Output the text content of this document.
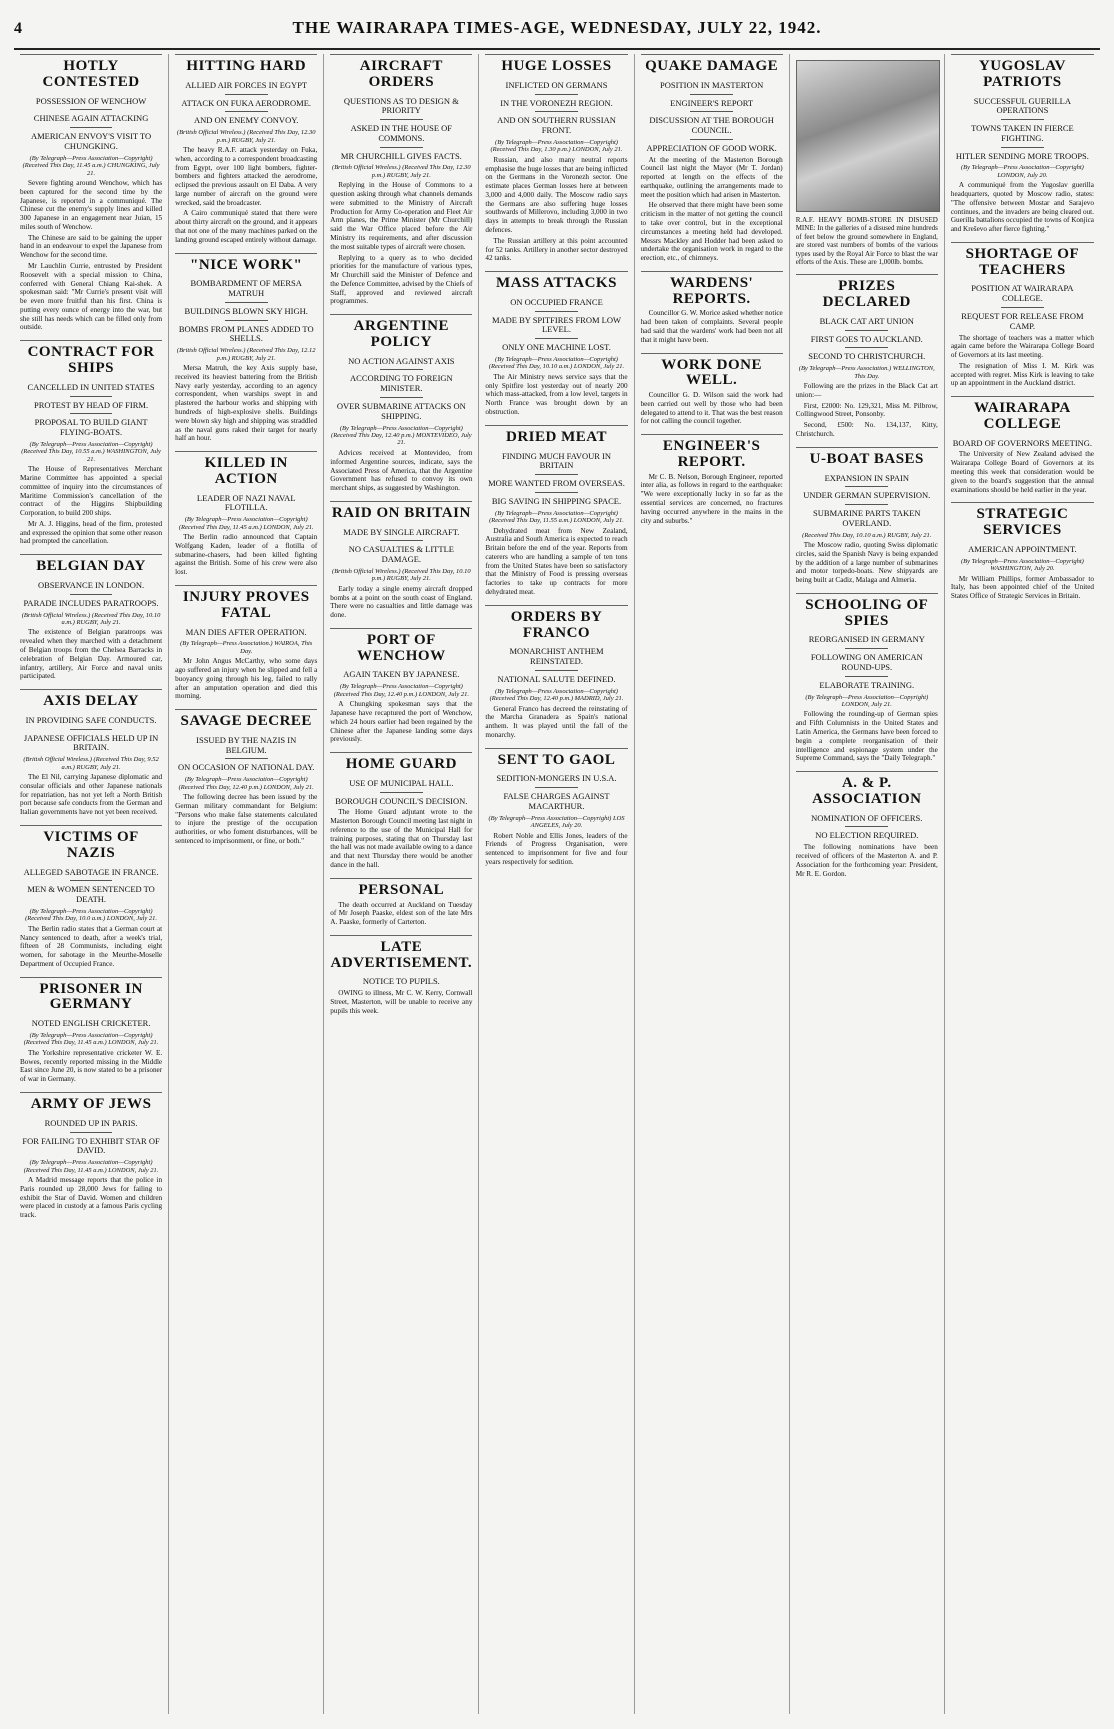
4	THE WAIRARAPA TIMES-AGE, WEDNESDAY, JULY 22, 1942.
HOTLY CONTESTED
POSSESSION OF WENCHOW
CHINESE AGAIN ATTACKING
AMERICAN ENVOY'S VISIT TO CHUNGKING.
(By Telegraph—Press Association—Copyright) (Received This Day, 11.45 a.m.) CHUNGKING, July 21.

Severe fighting around Wenchow, which has been captured for the second time by the Japanese, is reported in a communiqué. The Chinese cut the enemy's supply lines and killed 300 Japanese in an engagement near Juian, 15 miles south of Wenchow.

The Chinese are said to be gaining the upper hand in an endeavour to expel the Japanese from Wenchow for the second time.

Mr Lauchlin Currie, entrusted by President Roosevelt with a special mission to China, conferred with General Chiang Kai-shek. A spokesman said: "Mr Currie's present visit will be even more fruitful than his first. China is putting every ounce of energy into the war, but she still has needs which can be filled only from outside.

CONTRACT FOR SHIPS
CANCELLED IN UNITED STATES
PROTEST BY HEAD OF FIRM.
PROPOSAL TO BUILD GIANT FLYING-BOATS.
(By Telegraph—Press Association—Copyright) (Received This Day, 10.55 a.m.) WASHINGTON, July 21.

The House of Representatives Merchant Marine Committee has appointed a special committee of inquiry into the circumstances of Maritime Commission's cancellation of the contract of the Higgins Shipbuilding Corporation, to build 200 ships.

Mr A. J. Higgins, head of the firm, protested and expressed the opinion that some other reason had prompted the cancellation.

BELGIAN DAY
OBSERVANCE IN LONDON.
PARADE INCLUDES PARATROOPS.
(British Official Wireless.) (Received This Day, 10.10 a.m.) RUGBY, July 21.

The existence of Belgian paratroops was revealed when they marched with a detachment of Belgian troops from the Chelsea Barracks in celebration of Belgian Day. Armoured car, infantry, artillery, Air Force and naval units participated.

AXIS DELAY
IN PROVIDING SAFE CONDUCTS.
JAPANESE OFFICIALS HELD UP IN BRITAIN.
(British Official Wireless.) (Received This Day, 9.52 a.m.) RUGBY, July 21.

The El Nil, carrying Japanese diplomatic and consular officials and other Japanese nationals for repatriation, has not yet left a North British port because safe conducts from the German and Italian governments have not yet been received.

VICTIMS OF NAZIS
ALLEGED SABOTAGE IN FRANCE.
MEN & WOMEN SENTENCED TO DEATH.
(By Telegraph—Press Association—Copyright) (Received This Day, 10.0 a.m.) LONDON, July 21.

The Berlin radio states that a German court at Nancy sentenced to death, after a week's trial, fifteen of 28 Communists, including eight women, for sabotage in the Meurthe-Moselle Department of Occupied France.

PRISONER IN GERMANY
NOTED ENGLISH CRICKETER.
(By Telegraph—Press Association—Copyright) (Received This Day, 11.45 a.m.) LONDON, July 21.

The Yorkshire representative cricketer W. E. Bowes, recently reported missing in the Middle East since June 20, is now stated to be a prisoner of war in Germany.

ARMY OF JEWS
ROUNDED UP IN PARIS.
FOR FAILING TO EXHIBIT STAR OF DAVID.
(By Telegraph—Press Association—Copyright) (Received This Day, 11.45 a.m.) LONDON, July 21.

A Madrid message reports that the police in Paris rounded up 28,000 Jews for failing to exhibit the Star of David. Women and children were placed in custody at a famous Paris cycling track.

HITTING HARD
ALLIED AIR FORCES IN EGYPT
ATTACK ON FUKA AERODROME.
AND ON ENEMY CONVOY.
(British Official Wireless.) (Received This Day, 12.30 p.m.) RUGBY, July 21.

The heavy R.A.F. attack yesterday on Fuka, when, according to a correspondent broadcasting from Egypt, over 100 light bombers, fighter-bombers and fighters attacked the aerodrome, eclipsed the previous assault on El Daba. A very large number of aircraft on the ground were wrecked, said the broadcaster.

A Cairo communiqué stated that there were about thirty aircraft on the ground, and it appears that not one of the many machines parked on the landing ground escaped entirely without damage.

"NICE WORK"
BOMBARDMENT OF MERSA MATRUH
BUILDINGS BLOWN SKY HIGH.
BOMBS FROM PLANES ADDED TO SHELLS.
(British Official Wireless.) (Received This Day, 12.12 p.m.) RUGBY, July 21.

Mersa Matruh, the key Axis supply base, received its heaviest battering from the British Navy early yesterday, according to an agency correspondent, when warships swept in and plastered the harbour works and shipping with hundreds of high-explosive shells. Buildings were blown sky high and shipping was straddled as the naval guns raked their target for nearly half an hour.

KILLED IN ACTION
LEADER OF NAZI NAVAL FLOTILLA.
(By Telegraph—Press Association—Copyright) (Received This Day, 11.45 a.m.) LONDON, July 21.

The Berlin radio announced that Captain Wolfgang Kaden, leader of a flotilla of submarine-chasers, had been killed fighting against the British. Some of his crew were also lost.

INJURY PROVES FATAL
MAN DIES AFTER OPERATION.
(By Telegraph—Press Association.) WAIROA, This Day.

Mr John Angus McCarthy, who some days ago suffered an injury when he slipped and fell a buoyancy going through his leg, failed to rally after an amputation operation and died this morning.

SAVAGE DECREE
ISSUED BY THE NAZIS IN BELGIUM.
ON OCCASION OF NATIONAL DAY.
(By Telegraph—Press Association—Copyright) (Received This Day, 12.40 p.m.) LONDON, July 21.

The following decree has been issued by the German military commandant for Belgium: "Persons who make false statements calculated to injure the prestige of the occupation authorities, or who foment disturbances, will be sentenced to imprisonment, or fine, or both."

AIRCRAFT ORDERS
QUESTIONS AS TO DESIGN & PRIORITY
ASKED IN THE HOUSE OF COMMONS.
MR CHURCHILL GIVES FACTS.
(British Official Wireless.) (Received This Day, 12.30 p.m.) RUGBY, July 21.

Replying in the House of Commons to a question asking through what channels demands were submitted to the Ministry of Aircraft Production for Army Co-operation and Fleet Air Arm planes, the Prime Minister (Mr Churchill) said the War Office placed before the Air Ministry its requirements, and after discussion the most suitable types of aircraft were chosen.

Replying to a query as to who decided priorities for the manufacture of various types, Mr Churchill said the Minister of Defence and the Defence Committee, advised by the Chiefs of Staff, approved and reviewed aircraft programmes.

ARGENTINE POLICY
NO ACTION AGAINST AXIS
ACCORDING TO FOREIGN MINISTER.
OVER SUBMARINE ATTACKS ON SHIPPING.
(By Telegraph—Press Association—Copyright) (Received This Day, 12.40 p.m.) MONTEVIDEO, July 21.

Advices received at Montevideo, from informed Argentine sources, indicate, says the Associated Press of America, that the Argentine Government has refused to convoy its own merchant ships, as suggested by Washington.

RAID ON BRITAIN
MADE BY SINGLE AIRCRAFT.
NO CASUALTIES & LITTLE DAMAGE.
(British Official Wireless.) (Received This Day, 10.10 p.m.) RUGBY, July 21.

Early today a single enemy aircraft dropped bombs at a point on the south coast of England. There were no casualties and little damage was done.

PORT OF WENCHOW
AGAIN TAKEN BY JAPANESE.
(By Telegraph—Press Association—Copyright) (Received This Day, 12.40 p.m.) LONDON, July 21.

A Chungking spokesman says that the Japanese have recaptured the port of Wenchow, which 24 hours earlier had been regained by the Chinese after the Japanese landing some days previously.

HOME GUARD
USE OF MUNICIPAL HALL.
BOROUGH COUNCIL'S DECISION.

The Home Guard adjutant wrote to the Masterton Borough Council meeting last night in reference to the use of the Municipal Hall for training purposes, stating that on Thursday last the hall was not made available owing to a dance and that next Thursday there would be another dance in the hall.

PERSONAL

The death occurred at Auckland on Tuesday of Mr Joseph Paaske, eldest son of the late Mrs A. Paaske, formerly of Carterton.

LATE ADVERTISEMENT.
NOTICE TO PUPILS.

OWING to illness, Mr C. W. Kerry, Cornwall Street, Masterton, will be unable to receive any pupils this week.

HUGE LOSSES
INFLICTED ON GERMANS
IN THE VORONEZH REGION.
AND ON SOUTHERN RUSSIAN FRONT.
(By Telegraph—Press Association—Copyright) (Received This Day, 1.30 p.m.) LONDON, July 21.

Russian, and also many neutral reports emphasise the huge losses that are being inflicted on the Germans in the Voronezh sector. One estimate places German losses here at between 3,000 and 4,000 daily. The Moscow radio says the Germans are also suffering huge losses southwards of Millerovo, including 3,000 in two days in attempts to break through the Russian defences.

The Russian artillery at this point accounted for 52 tanks. Artillery in another sector destroyed 42 tanks.

MASS ATTACKS
ON OCCUPIED FRANCE
MADE BY SPITFIRES FROM LOW LEVEL.
ONLY ONE MACHINE LOST.
(By Telegraph—Press Association—Copyright) (Received This Day, 10.10 a.m.) LONDON, July 21.

The Air Ministry news service says that the only Spitfire lost yesterday out of nearly 200 which mass-attacked, from a low level, targets in North France was brought down by an obstruction.

DRIED MEAT
FINDING MUCH FAVOUR IN BRITAIN
MORE WANTED FROM OVERSEAS.
BIG SAVING IN SHIPPING SPACE.
(By Telegraph—Press Association—Copyright) (Received This Day, 11.55 a.m.) LONDON, July 21.

Dehydrated meat from New Zealand, Australia and South America is expected to reach Britain before the end of the year. Reports from caterers who are handling a sample of ten tons from the United States have been so satisfactory that the Ministry of Food is pressing overseas factories to take up contracts for more dehydrated meat.

ORDERS BY FRANCO
MONARCHIST ANTHEM REINSTATED.
NATIONAL SALUTE DEFINED.
(By Telegraph—Press Association—Copyright) (Received This Day, 12.40 p.m.) MADRID, July 21.

General Franco has decreed the reinstating of the Marcha Granadera as Spain's national anthem. It was played until the fall of the monarchy.

SENT TO GAOL
SEDITION-MONGERS IN U.S.A.
FALSE CHARGES AGAINST MACARTHUR.
(By Telegraph—Press Association—Copyright) LOS ANGELES, July 20.

Robert Noble and Ellis Jones, leaders of the Friends of Progress Organisation, were sentenced to imprisonment for five and four years respectively for sedition.

QUAKE DAMAGE
POSITION IN MASTERTON
ENGINEER'S REPORT
DISCUSSION AT THE BOROUGH COUNCIL.
APPRECIATION OF GOOD WORK.

At the meeting of the Masterton Borough Council last night the Mayor (Mr T. Jordan) reported at length on the effects of the earthquake, outlining the arrangements made to meet the position which had arisen in Masterton.

He observed that there might have been some criticism in the matter of not getting the council to take over control, but in the exceptional circumstances a meeting held had developed. Messrs Mackley and Hodder had been asked to undertake the organisation work in regard to the erection, etc., of chimneys.

WARDENS' REPORTS.

Councillor G. W. Morice asked whether notice had been taken of complaints. Several people had said that the wardens' work had been not all that it might have been.

WORK DONE WELL.

Councillor G. D. Wilson said the work had been carried out well by those who had been delegated to attend to it. That was the best reason for not calling the council together.

ENGINEER'S REPORT.

Mr C. B. Nelson, Borough Engineer, reported inter alia, as follows in regard to the earthquake: "We were exceptionally lucky in so far as the essential services are concerned, no fractures having occurred anywhere in the mains in the city and suburbs."

R.A.F. HEAVY BOMB-STORE IN DISUSED MINE: In the galleries of a disused mine hundreds of feet below the ground somewhere in England, are stored vast numbers of bombs of the various types used by the Royal Air Force to blast the war efforts of the Axis. These are 1,000lb. bombs.
PRIZES DECLARED
BLACK CAT ART UNION
FIRST GOES TO AUCKLAND.
SECOND TO CHRISTCHURCH.
(By Telegraph—Press Association.) WELLINGTON, This Day.

Following are the prizes in the Black Cat art union:—

First, £2000: No. 129,321, Miss M. Pilbrow, Collingwood Street, Ponsonby.

Second, £500: No. 134,137, Kitty, Christchurch.

U-BOAT BASES
EXPANSION IN SPAIN
UNDER GERMAN SUPERVISION.
SUBMARINE PARTS TAKEN OVERLAND.
(Received This Day, 10.10 a.m.) RUGBY, July 21.

The Moscow radio, quoting Swiss diplomatic circles, said the Spanish Navy is being expanded by the addition of a large number of submarines and motor torpedo-boats. New shipyards are being built at Cadiz, Malaga and Almeria.

SCHOOLING OF SPIES
REORGANISED IN GERMANY
FOLLOWING ON AMERICAN ROUND-UPS.
ELABORATE TRAINING.
(By Telegraph—Press Association—Copyright) LONDON, July 21.

Following the rounding-up of German spies and Fifth Columnists in the United States and Latin America, the Germans have been forced to begin a complete reorganisation of their intelligence and espionage system under the Supreme Command, says the "Daily Telegraph."

A. & P. ASSOCIATION
NOMINATION OF OFFICERS.
NO ELECTION REQUIRED.

The following nominations have been received of officers of the Masterton A. and P. Association for the forthcoming year: President, Mr R. E. Gordon.

YUGOSLAV PATRIOTS
SUCCESSFUL GUERILLA OPERATIONS
TOWNS TAKEN IN FIERCE FIGHTING.
HITLER SENDING MORE TROOPS.
(By Telegraph—Press Association—Copyright) LONDON, July 20.

A communiqué from the Yugoslav guerilla headquarters, quoted by Moscow radio, states: "The offensive between Mostar and Sarajevo continues, and the invaders are being cleared out. Guerilla battalions occupied the towns of Konjica and Kreševo after fierce fighting."

SHORTAGE OF TEACHERS
POSITION AT WAIRARAPA COLLEGE.
REQUEST FOR RELEASE FROM CAMP.

The shortage of teachers was a matter which again came before the Wairarapa College Board of Governors at its last meeting.

The resignation of Miss I. M. Kirk was accepted with regret. Miss Kirk is leaving to take up an appointment in the Auckland district.

WAIRARAPA COLLEGE
BOARD OF GOVERNORS MEETING.

The University of New Zealand advised the Wairarapa College Board of Governors at its meeting this week that consideration would be given to the board's suggestion that the annual examinations should be held earlier in the year.

STRATEGIC SERVICES
AMERICAN APPOINTMENT.
(By Telegraph—Press Association—Copyright) WASHINGTON, July 20.

Mr William Phillips, former Ambassador to Italy, has been appointed chief of the United States Office of Strategic Services in Britain.
